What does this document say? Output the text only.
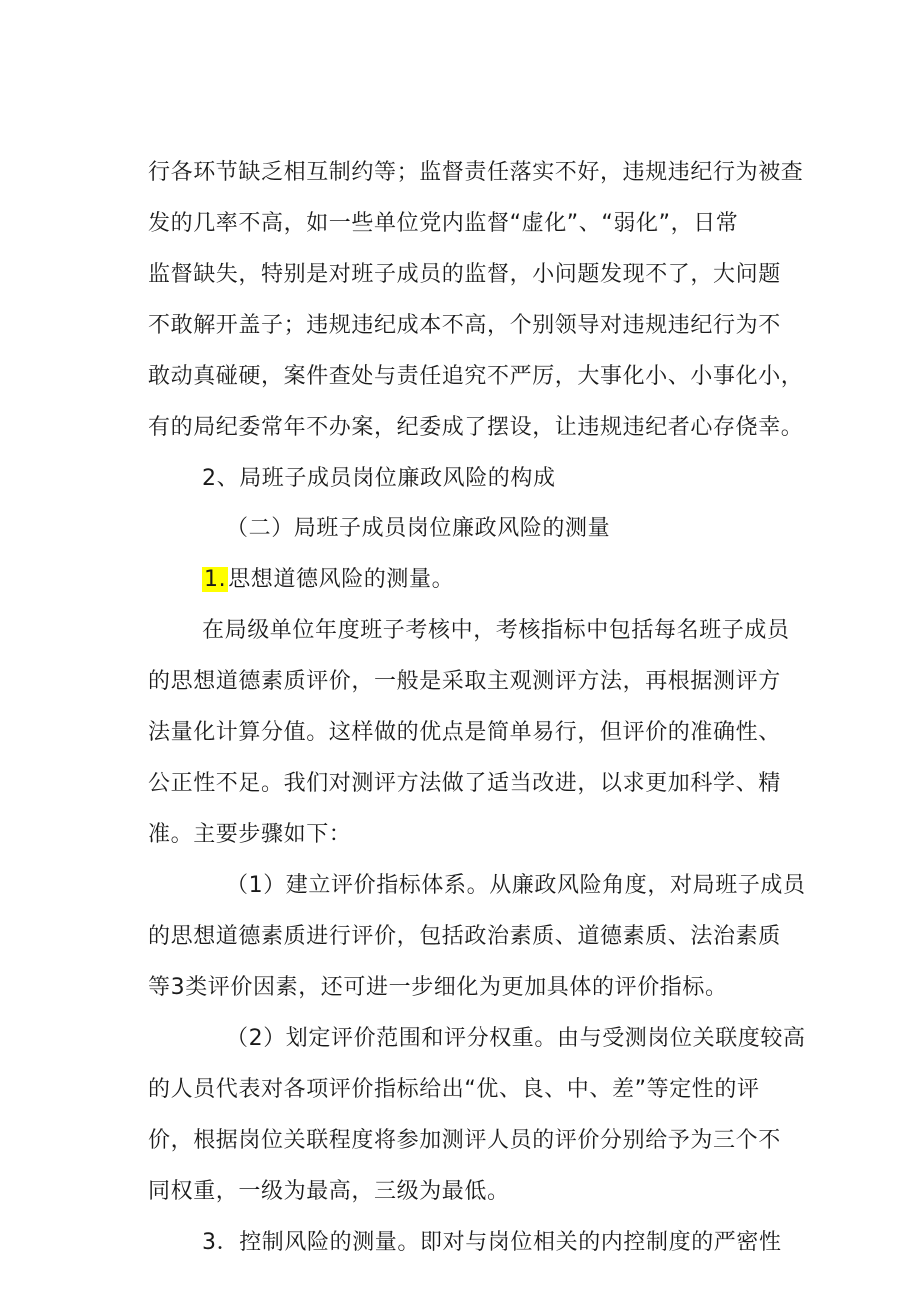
行各环节缺乏相互制约等；监督责任落实不好，违规违纪行为被查
发的几率不高，如一些单位党内监督“虚化”、“弱化”，日常
监督缺失，特别是对班子成员的监督，小问题发现不了，大问题
不敢解开盖子；违规违纪成本不高，个别领导对违规违纪行为不
敢动真碰硬，案件查处与责任追究不严厉，大事化小、小事化小，
有的局纪委常年不办案，纪委成了摆设，让违规违纪者心存侥幸。
2、局班子成员岗位廉政风险的构成
（二）局班子成员岗位廉政风险的测量
1.思想道德风险的测量。
在局级单位年度班子考核中，考核指标中包括每名班子成员
的思想道德素质评价，一般是采取主观测评方法，再根据测评方
法量化计算分值。这样做的优点是简单易行，但评价的准确性、
公正性不足。我们对测评方法做了适当改进，以求更加科学、精
准。主要步骤如下：
（1）建立评价指标体系。从廉政风险角度，对局班子成员
的思想道德素质进行评价，包括政治素质、道德素质、法治素质
等3类评价因素，还可进一步细化为更加具体的评价指标。
（2）划定评价范围和评分权重。由与受测岗位关联度较高
的人员代表对各项评价指标给出“优、良、中、差”等定性的评
价，根据岗位关联程度将参加测评人员的评价分别给予为三个不
同权重，一级为最高，三级为最低。
3．控制风险的测量。即对与岗位相关的内控制度的严密性
